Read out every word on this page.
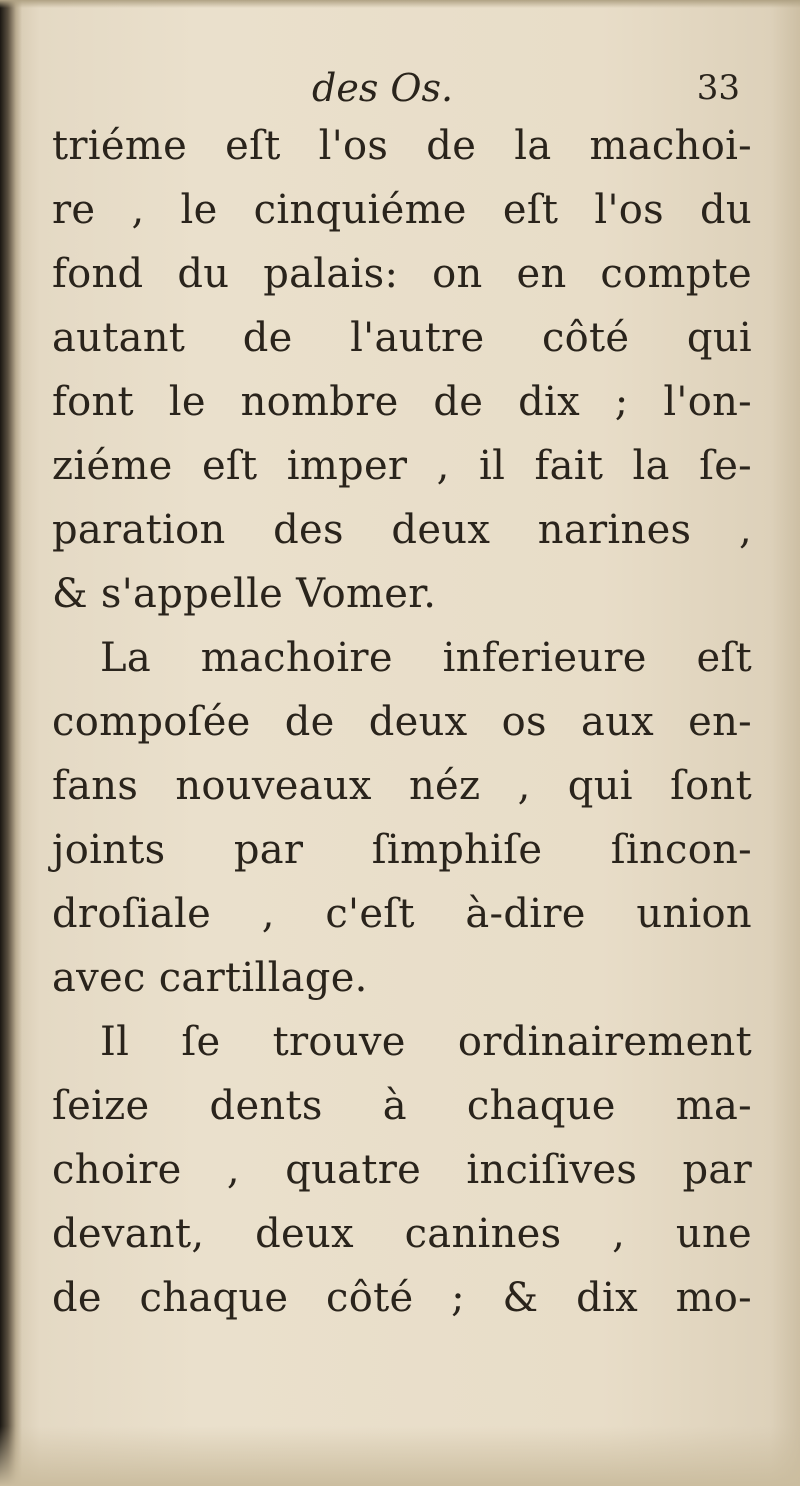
des Os.	33
triéme eſt l'os de la machoi-
re , le cinquiéme eſt l'os du
fond du palais: on en compte
autant de l'autre côté qui
font le nombre de dix ; l'on-
ziéme eſt imper , il fait la ſe-
paration des deux narines ,
& s'appelle Vomer.
La machoire inferieure eſt
compoſée de deux os aux en-
fans nouveaux néz , qui ſont
joints par ſimphiſe ſincon-
droſiale , c'eſt à-dire union
avec cartillage.
Il ſe trouve ordinairement
ſeize dents à chaque ma-
choire , quatre inciſives par
devant, deux canines , une
de chaque côté ; & dix mo-
